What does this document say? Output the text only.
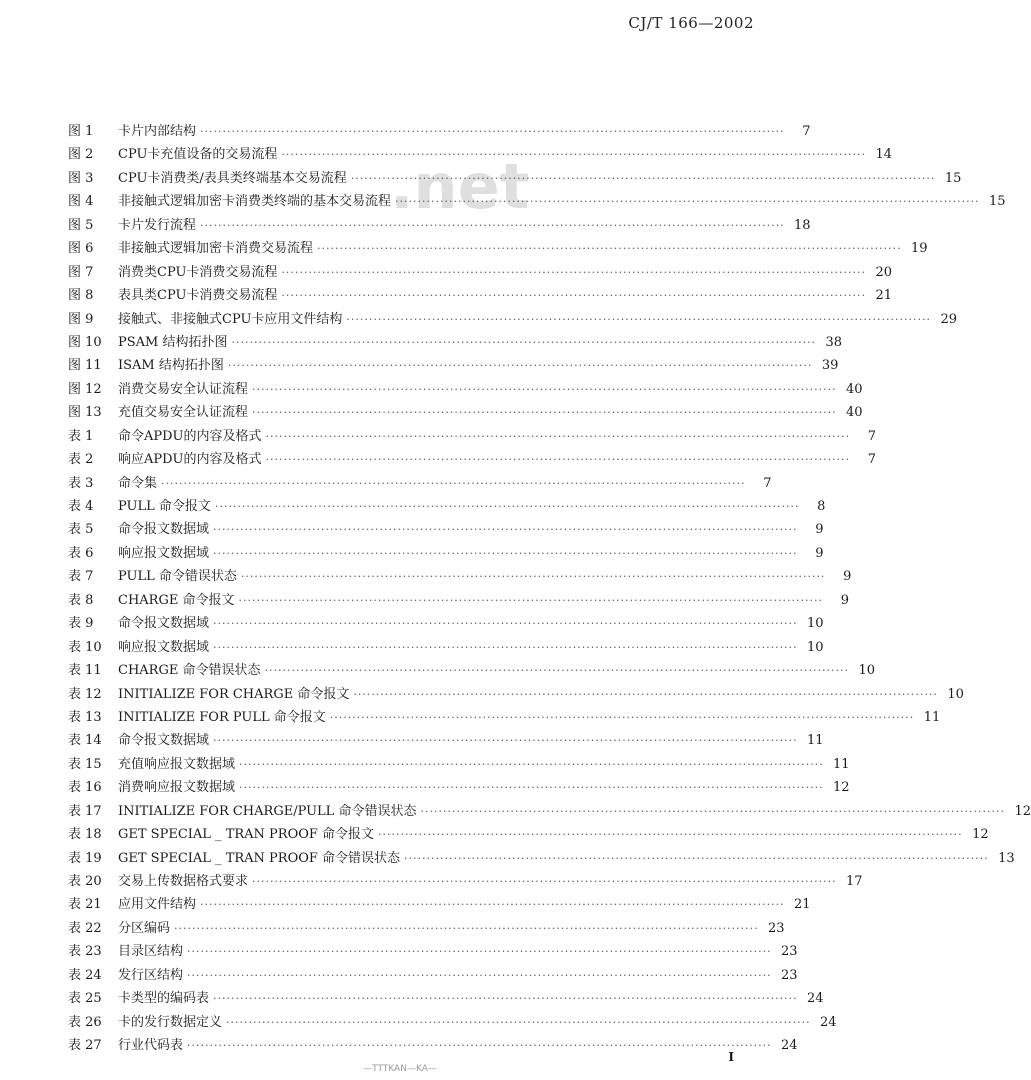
CJ/T 166—2002
.net
图 1	卡片内部结构 ·····	7
图 2	CPU卡充值设备的交易流程 ·····	14
图 3	CPU卡消费类/表具类终端基本交易流程 ·····	15
图 4	非接触式逻辑加密卡消费类终端的基本交易流程 ·····	15
图 5	卡片发行流程 ·····	18
图 6	非接触式逻辑加密卡消费交易流程 ·····	19
图 7	消费类CPU卡消费交易流程 ·····	20
图 8	表具类CPU卡消费交易流程 ·····	21
图 9	接触式、非接触式CPU卡应用文件结构 ·····	29
图 10	PSAM 结构拓扑图 ·····	38
图 11	ISAM 结构拓扑图 ·····	39
图 12	消费交易安全认证流程 ·····	40
图 13	充值交易安全认证流程 ·····	40
表 1	命令APDU的内容及格式 ·····	7
表 2	响应APDU的内容及格式 ·····	7
表 3	命令集 ·····	7
表 4	PULL 命令报文 ·····	8
表 5	命令报文数据域 ·····	9
表 6	响应报文数据域 ·····	9
表 7	PULL 命令错误状态 ·····	9
表 8	CHARGE 命令报文 ·····	9
表 9	命令报文数据域 ·····	10
表 10	响应报文数据域 ·····	10
表 11	CHARGE 命令错误状态 ·····	10
表 12	INITIALIZE FOR CHARGE 命令报文 ·····	10
表 13	INITIALIZE FOR PULL 命令报文 ·····	11
表 14	命令报文数据域 ·····	11
表 15	充值响应报文数据域 ·····	11
表 16	消费响应报文数据域 ·····	12
表 17	INITIALIZE FOR CHARGE/PULL 命令错误状态 ·····	12
表 18	GET SPECIAL _ TRAN PROOF 命令报文 ·····	12
表 19	GET SPECIAL _ TRAN PROOF 命令错误状态 ·····	13
表 20	交易上传数据格式要求 ·····	17
表 21	应用文件结构 ·····	21
表 22	分区编码 ·····	23
表 23	目录区结构 ·····	23
表 24	发行区结构 ·····	23
表 25	卡类型的编码表 ·····	24
表 26	卡的发行数据定义 ·····	24
表 27	行业代码表 ·····	24
I
—TTTKAN—KA—
